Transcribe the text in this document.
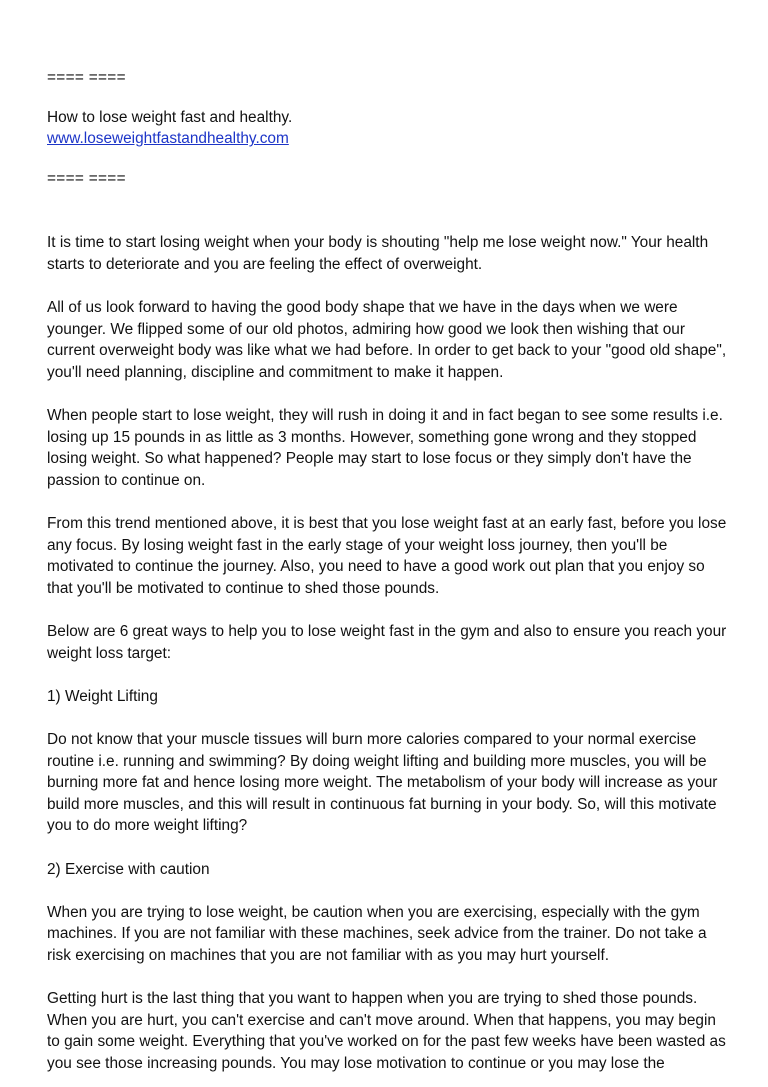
==== ====

How to lose weight fast and healthy.

www.loseweightfastandhealthy.com

==== ====

It is time to start losing weight when your body is shouting "help me lose weight now." Your health starts to deteriorate and you are feeling the effect of overweight.

All of us look forward to having the good body shape that we have in the days when we were younger. We flipped some of our old photos, admiring how good we look then wishing that our current overweight body was like what we had before. In order to get back to your "good old shape", you'll need planning, discipline and commitment to make it happen.

When people start to lose weight, they will rush in doing it and in fact began to see some results i.e. losing up 15 pounds in as little as 3 months. However, something gone wrong and they stopped losing weight. So what happened? People may start to lose focus or they simply don't have the passion to continue on.

From this trend mentioned above, it is best that you lose weight fast at an early fast, before you lose any focus. By losing weight fast in the early stage of your weight loss journey, then you'll be motivated to continue the journey. Also, you need to have a good work out plan that you enjoy so that you'll be motivated to continue to shed those pounds.

Below are 6 great ways to help you to lose weight fast in the gym and also to ensure you reach your weight loss target:

1) Weight Lifting

Do not know that your muscle tissues will burn more calories compared to your normal exercise routine i.e. running and swimming? By doing weight lifting and building more muscles, you will be burning more fat and hence losing more weight. The metabolism of your body will increase as your build more muscles, and this will result in continuous fat burning in your body. So, will this motivate you to do more weight lifting?

2) Exercise with caution

When you are trying to lose weight, be caution when you are exercising, especially with the gym machines. If you are not familiar with these machines, seek advice from the trainer. Do not take a risk exercising on machines that you are not familiar with as you may hurt yourself.

Getting hurt is the last thing that you want to happen when you are trying to shed those pounds. When you are hurt, you can't exercise and can't move around. When that happens, you may begin to gain some weight. Everything that you've worked on for the past few weeks have been wasted as you see those increasing pounds. You may lose motivation to continue or you may lose the
